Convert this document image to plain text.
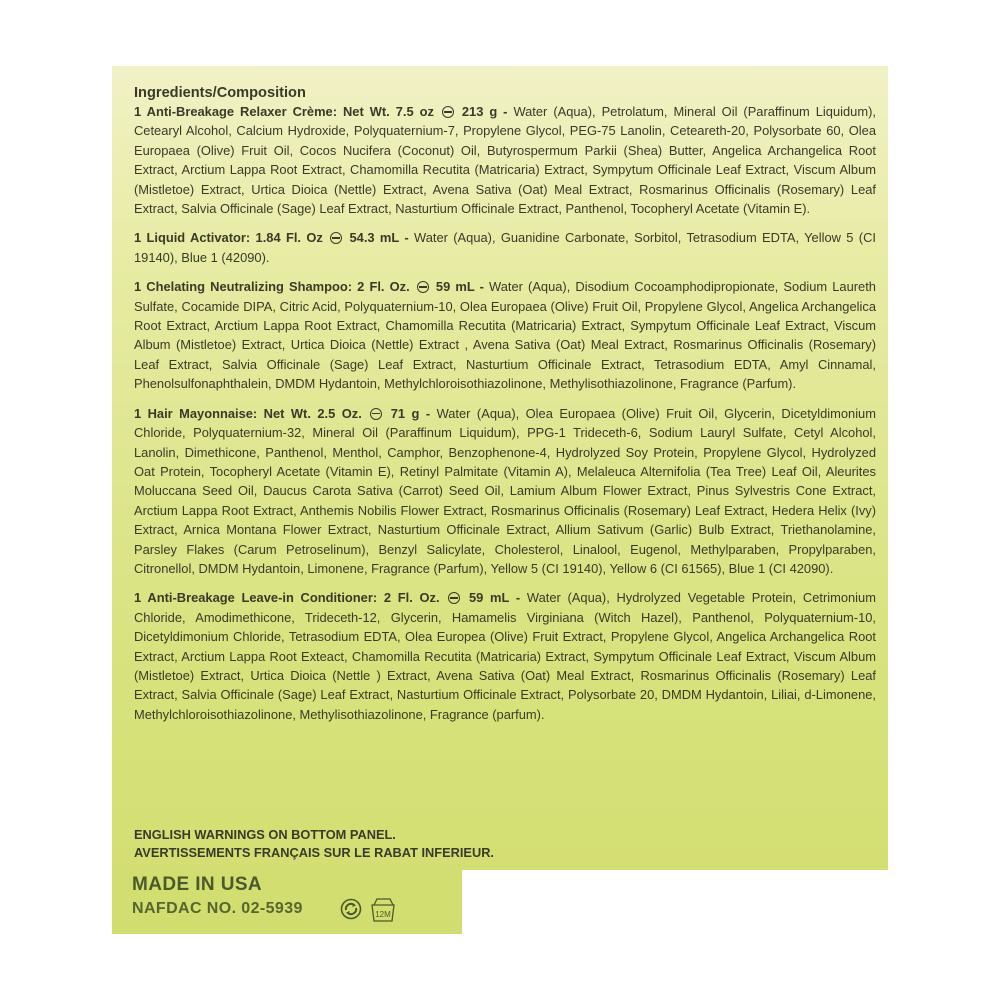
Ingredients/Composition

1 Anti-Breakage Relaxer Crème: Net Wt. 7.5 oz 213 g - Water (Aqua), Petrolatum, Mineral Oil (Paraffinum Liquidum), Cetearyl Alcohol, Calcium Hydroxide, Polyquaternium-7, Propylene Glycol, PEG-75 Lanolin, Ceteareth-20, Polysorbate 60, Olea Europaea (Olive) Fruit Oil, Cocos Nucifera (Coconut) Oil, Butyrospermum Parkii (Shea) Butter, Angelica Archangelica Root Extract, Arctium Lappa Root Extract, Chamomilla Recutita (Matricaria) Extract, Sympytum Officinale Leaf Extract, Viscum Album (Mistletoe) Extract, Urtica Dioica (Nettle) Extract, Avena Sativa (Oat) Meal Extract, Rosmarinus Officinalis (Rosemary) Leaf Extract, Salvia Officinale (Sage) Leaf Extract, Nasturtium Officinale Extract, Panthenol, Tocopheryl Acetate (Vitamin E).

1 Liquid Activator: 1.84 Fl. Oz 54.3 mL - Water (Aqua), Guanidine Carbonate, Sorbitol, Tetrasodium EDTA, Yellow 5 (CI 19140), Blue 1 (42090).

1 Chelating Neutralizing Shampoo: 2 Fl. Oz. 59 mL - Water (Aqua), Disodium Cocoamphodipropionate, Sodium Laureth Sulfate, Cocamide DIPA, Citric Acid, Polyquaternium-10, Olea Europaea (Olive) Fruit Oil, Propylene Glycol, Angelica Archangelica Root Extract, Arctium Lappa Root Extract, Chamomilla Recutita (Matricaria) Extract, Sympytum Officinale Leaf Extract, Viscum Album (Mistletoe) Extract, Urtica Dioica (Nettle) Extract , Avena Sativa (Oat) Meal Extract, Rosmarinus Officinalis (Rosemary) Leaf Extract, Salvia Officinale (Sage) Leaf Extract, Nasturtium Officinale Extract, Tetrasodium EDTA, Amyl Cinnamal, Phenolsulfonaphthalein, DMDM Hydantoin, Methylchloroisothiazolinone, Methylisothiazolinone, Fragrance (Parfum).

1 Hair Mayonnaise: Net Wt. 2.5 Oz. 71 g - Water (Aqua), Olea Europaea (Olive) Fruit Oil, Glycerin, Dicetyldimonium Chloride, Polyquaternium-32, Mineral Oil (Paraffinum Liquidum), PPG-1 Trideceth-6, Sodium Lauryl Sulfate, Cetyl Alcohol, Lanolin, Dimethicone, Panthenol, Menthol, Camphor, Benzophenone-4, Hydrolyzed Soy Protein, Propylene Glycol, Hydrolyzed Oat Protein, Tocopheryl Acetate (Vitamin E), Retinyl Palmitate (Vitamin A), Melaleuca Alternifolia (Tea Tree) Leaf Oil, Aleurites Moluccana Seed Oil, Daucus Carota Sativa (Carrot) Seed Oil, Lamium Album Flower Extract, Pinus Sylvestris Cone Extract, Arctium Lappa Root Extract, Anthemis Nobilis Flower Extract, Rosmarinus Officinalis (Rosemary) Leaf Extract, Hedera Helix (Ivy) Extract, Arnica Montana Flower Extract, Nasturtium Officinale Extract, Allium Sativum (Garlic) Bulb Extract, Triethanolamine, Parsley Flakes (Carum Petroselinum), Benzyl Salicylate, Cholesterol, Linalool, Eugenol, Methylparaben, Propylparaben, Citronellol, DMDM Hydantoin, Limonene, Fragrance (Parfum), Yellow 5 (CI 19140), Yellow 6 (CI 61565), Blue 1 (CI 42090).

1 Anti-Breakage Leave-in Conditioner: 2 Fl. Oz. 59 mL - Water (Aqua), Hydrolyzed Vegetable Protein, Cetrimonium Chloride, Amodimethicone, Trideceth-12, Glycerin, Hamamelis Virginiana (Witch Hazel), Panthenol, Polyquaternium-10, Dicetyldimonium Chloride, Tetrasodium EDTA, Olea Europea (Olive) Fruit Extract, Propylene Glycol, Angelica Archangelica Root Extract, Arctium Lappa Root Exteact, Chamomilla Recutita (Matricaria) Extract, Sympytum Officinale Leaf Extract, Viscum Album (Mistletoe) Extract, Urtica Dioica (Nettle ) Extract, Avena Sativa (Oat) Meal Extract, Rosmarinus Officinalis (Rosemary) Leaf Extract, Salvia Officinale (Sage) Leaf Extract, Nasturtium Officinale Extract, Polysorbate 20, DMDM Hydantoin, Liliai, d-Limonene, Methylchloroisothiazolinone, Methylisothiazolinone, Fragrance (parfum).

ENGLISH WARNINGS ON BOTTOM PANEL.
AVERTISSEMENTS FRANÇAIS SUR LE RABAT INFERIEUR.
MADE IN USA
NAFDAC NO. 02-5939	12M
